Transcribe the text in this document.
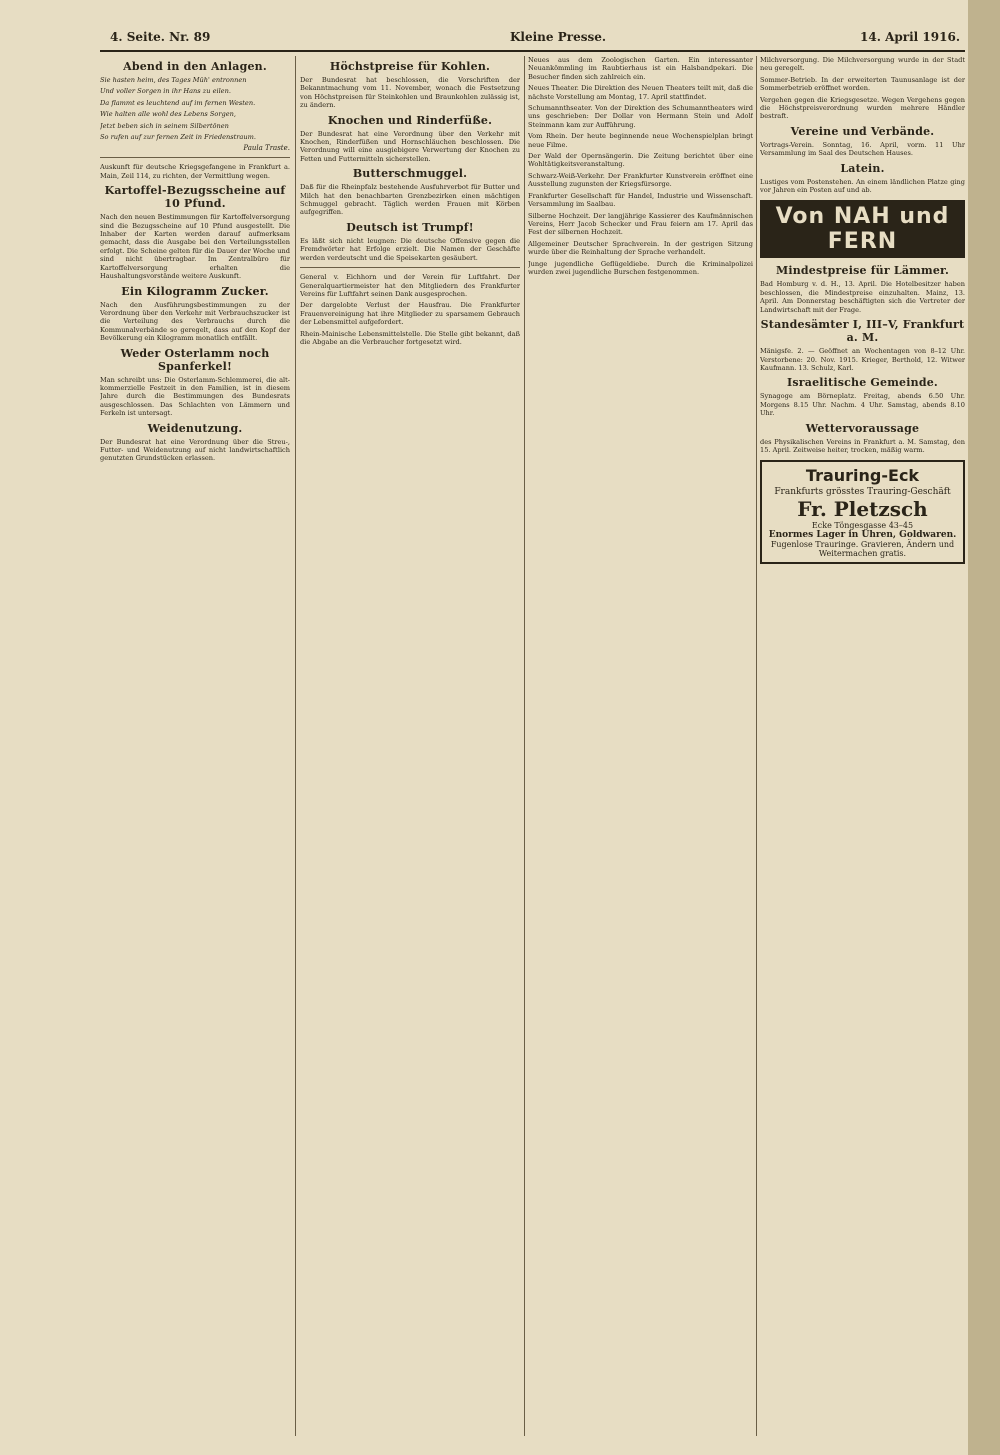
4. Seite. Nr. 89	Kleine Presse.	14. April 1916.
Abend in den Anlagen.

Sie hasten heim, des Tages Müh' entronnen

Und voller Sorgen in ihr Hans zu eilen.

Da flammt es leuchtend auf im fernen Westen.

Wie halten alle wohl des Lebens Sorgen,

Jetzt beben sich in seinem Silbertönen

So rufen auf zur fernen Zeit in Friedenstraum.

Paula Traste.

Auskunft für deutsche Kriegsgefangene in Frankfurt a. Main, Zeil 114, zu richten, der Vermittlung wegen.

Kartoffel-Bezugsscheine auf 10 Pfund.

Nach den neuen Bestimmungen für Kartoffelversorgung sind die Bezugsscheine auf 10 Pfund ausgestellt. Die Inhaber der Karten werden darauf aufmerksam gemacht, dass die Ausgabe bei den Verteilungsstellen erfolgt. Die Scheine gelten für die Dauer der Woche und sind nicht übertragbar. Im Zentralbüro für Kartoffelversorgung erhalten die Haushaltungsvorstände weitere Auskunft.

Ein Kilogramm Zucker.

Nach den Ausführungsbestimmungen zu der Verordnung über den Verkehr mit Verbrauchszucker ist die Verteilung des Verbrauchs durch die Kommunalverbände so geregelt, dass auf den Kopf der Bevölkerung ein Kilogramm monatlich entfällt.

Weder Osterlamm noch Spanferkel!

Man schreibt uns: Die Osterlamm-Schlemmerei, die alt-kommerzielle Festzeit in den Familien, ist in diesem Jahre durch die Bestimmungen des Bundesrats ausgeschlossen. Das Schlachten von Lämmern und Ferkeln ist untersagt.

Weidenutzung.

Der Bundesrat hat eine Verordnung über die Streu-, Futter- und Weidenutzung auf nicht landwirtschaftlich genutzten Grundstücken erlassen.

Höchstpreise für Kohlen.

Der Bundesrat hat beschlossen, die Vorschriften der Bekanntmachung vom 11. November, wonach die Festsetzung von Höchstpreisen für Steinkohlen und Braunkohlen zulässig ist, zu ändern.

Knochen und Rinderfüße.

Der Bundesrat hat eine Verordnung über den Verkehr mit Knochen, Rinderfüßen und Hornschläuchen beschlossen. Die Verordnung will eine ausgiebigere Verwertung der Knochen zu Fetten und Futtermitteln sicherstellen.

Butterschmuggel.

Daß für die Rheinpfalz bestehende Ausfuhrverbot für Butter und Milch hat den benachbarten Grenzbezirken einen mächtigen Schmuggel gebracht. Täglich werden Frauen mit Körben aufgegriffen.

Deutsch ist Trumpf!

Es läßt sich nicht leugnen: Die deutsche Offensive gegen die Fremdwörter hat Erfolge erzielt. Die Namen der Geschäfte werden verdeutscht und die Speisekarten gesäubert.

General v. Eichhorn und der Verein für Luftfahrt. Der Generalquartiermeister hat den Mitgliedern des Frankfurter Vereins für Luftfahrt seinen Dank ausgesprochen.

Der dargelobte Verlust der Hausfrau. Die Frankfurter Frauenvereinigung hat ihre Mitglieder zu sparsamem Gebrauch der Lebensmittel aufgefordert.

Rhein-Mainische Lebensmittelstelle. Die Stelle gibt bekannt, daß die Abgabe an die Verbraucher fortgesetzt wird.

Neues aus dem Zoologischen Garten. Ein interessanter Neuankömmling im Raubtierhaus ist ein Halsbandpekari. Die Besucher finden sich zahlreich ein.

Neues Theater. Die Direktion des Neuen Theaters teilt mit, daß die nächste Vorstellung am Montag, 17. April stattfindet.

Schumannthseater. Von der Direktion des Schumanntheaters wird uns geschrieben: Der Dollar von Hermann Stein und Adolf Steinmann kam zur Aufführung.

Vom Rhein. Der heute beginnende neue Wochenspielplan bringt neue Filme.

Der Wald der Opernsängerin. Die Zeitung berichtet über eine Wohltätigkeitsveranstaltung.

Schwarz-Weiß-Verkehr. Der Frankfurter Kunstverein eröffnet eine Ausstellung zugunsten der Kriegsfürsorge.

Frankfurter Gesellschaft für Handel, Industrie und Wissenschaft. Versammlung im Saalbau.

Silberne Hochzeit. Der langjährige Kassierer des Kaufmännischen Vereins, Herr Jacob Schecker und Frau feiern am 17. April das Fest der silbernen Hochzeit.

Allgemeiner Deutscher Sprachverein. In der gestrigen Sitzung wurde über die Reinhaltung der Sprache verhandelt.

Junge jugendliche Geflügeldiebe. Durch die Kriminalpolizei wurden zwei jugendliche Burschen festgenommen.

Milchversorgung. Die Milchversorgung wurde in der Stadt neu geregelt.

Sommer-Betrieb. In der erweiterten Taunusanlage ist der Sommerbetrieb eröffnet worden.

Vergehen gegen die Kriegsgesetze. Wegen Vergehens gegen die Höchstpreisverordnung wurden mehrere Händler bestraft.

Vereine und Verbände.

Vortrags-Verein. Sonntag, 16. April, vorm. 11 Uhr Versammlung im Saal des Deutschen Hauses.

Latein.

Lustiges vom Postenstehen. An einem ländlichen Platze ging vor Jahren ein Posten auf und ab.

Von NAH und FERN
Mindestpreise für Lämmer.

Bad Homburg v. d. H., 13. April. Die Hotelbesitzer haben beschlossen, die Mindestpreise einzuhalten. Mainz, 13. April. Am Donnerstag beschäftigten sich die Vertreter der Landwirtschaft mit der Frage.

Standesämter I, III–V, Frankfurt a. M.

Mänigsfe. 2. — Geöffnet an Wochentagen von 8–12 Uhr. Verstorbene: 20. Nov. 1915. Krieger, Berthold, 12. Witwer Kaufmann. 13. Schulz, Karl.

Israelitische Gemeinde.

Synagoge am Börneplatz. Freitag, abends 6.50 Uhr. Morgens 8.15 Uhr. Nachm. 4 Uhr. Samstag, abends 8.10 Uhr.

Wettervoraussage

des Physikalischen Vereins in Frankfurt a. M. Samstag, den 15. April. Zeitweise heiter, trocken, mäßig warm.

Trauring-Eck
Frankfurts grösstes Trauring-Geschäft
Fr. Pletzsch
Ecke Töngesgasse 43–45
Enormes Lager in Uhren, Goldwaren.
Fugenlose Trauringe. Gravieren, Ändern und Weitermachen gratis.
